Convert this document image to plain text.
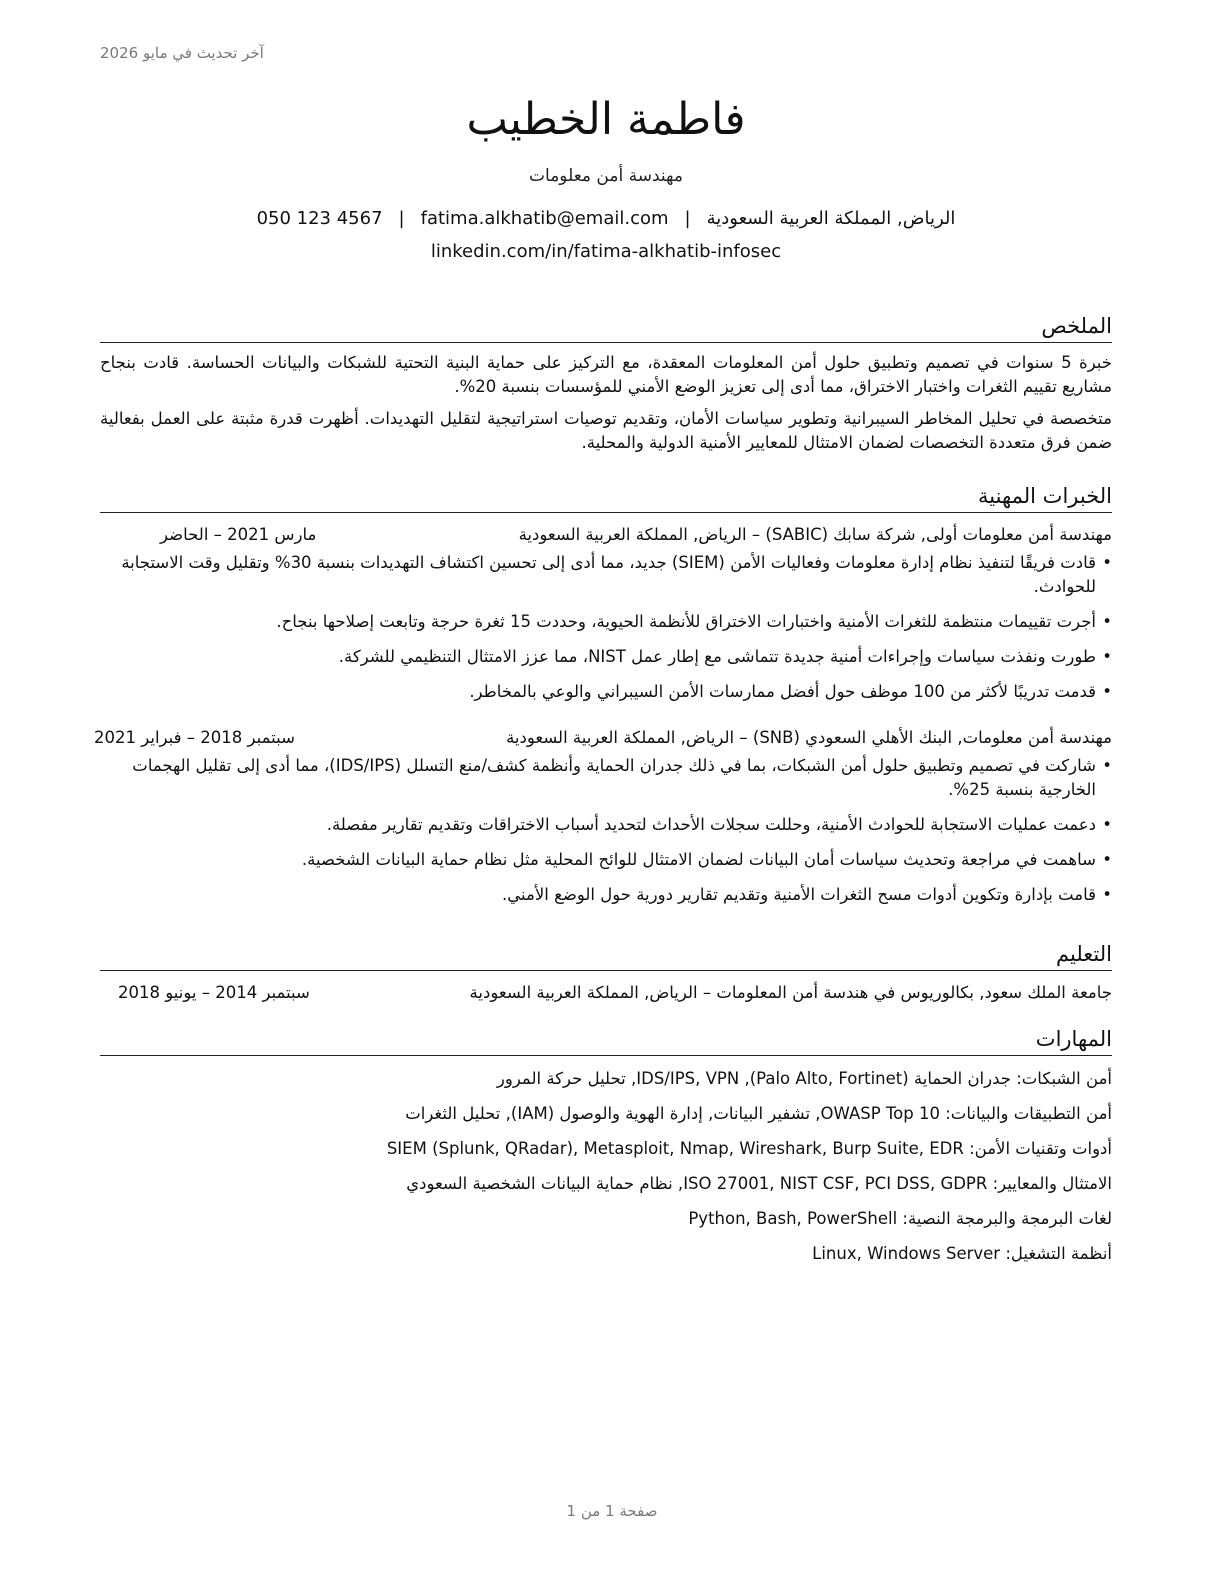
آخر تحديث في مايو 2026
فاطمة الخطيب
مهندسة أمن معلومات
الرياض, المملكة العربية السعودية|fatima.alkhatib@email.com|050 123 4567
linkedin.com/in/fatima-alkhatib-infosec
الملخص

خبرة 5 سنوات في تصميم وتطبيق حلول أمن المعلومات المعقدة، مع التركيز على حماية البنية التحتية للشبكات والبيانات الحساسة. قادت بنجاح مشاريع تقييم الثغرات واختبار الاختراق، مما أدى إلى تعزيز الوضع الأمني للمؤسسات بنسبة 20%.

متخصصة في تحليل المخاطر السيبرانية وتطوير سياسات الأمان، وتقديم توصيات استراتيجية لتقليل التهديدات. أظهرت قدرة مثبتة على العمل بفعالية ضمن فرق متعددة التخصصات لضمان الامتثال للمعايير الأمنية الدولية والمحلية.

الخبرات المهنية
مهندسة أمن معلومات أولى, شركة سابك (SABIC) – الرياض, المملكة العربية السعودية
مارس 2021 – الحاضر
• قادت فريقًا لتنفيذ نظام إدارة معلومات وفعاليات الأمن (SIEM) جديد، مما أدى إلى تحسين اكتشاف التهديدات بنسبة 30% وتقليل وقت الاستجابة للحوادث.
• أجرت تقييمات منتظمة للثغرات الأمنية واختبارات الاختراق للأنظمة الحيوية، وحددت 15 ثغرة حرجة وتابعت إصلاحها بنجاح.
• طورت ونفذت سياسات وإجراءات أمنية جديدة تتماشى مع إطار عمل NIST، مما عزز الامتثال التنظيمي للشركة.
• قدمت تدريبًا لأكثر من 100 موظف حول أفضل ممارسات الأمن السيبراني والوعي بالمخاطر.
مهندسة أمن معلومات, البنك الأهلي السعودي (SNB) – الرياض, المملكة العربية السعودية
سبتمبر 2018 – فبراير 2021
• شاركت في تصميم وتطبيق حلول أمن الشبكات، بما في ذلك جدران الحماية وأنظمة كشف/منع التسلل (IDS/IPS)، مما أدى إلى تقليل الهجمات الخارجية بنسبة 25%.
• دعمت عمليات الاستجابة للحوادث الأمنية، وحللت سجلات الأحداث لتحديد أسباب الاختراقات وتقديم تقارير مفصلة.
• ساهمت في مراجعة وتحديث سياسات أمان البيانات لضمان الامتثال للوائح المحلية مثل نظام حماية البيانات الشخصية.
• قامت بإدارة وتكوين أدوات مسح الثغرات الأمنية وتقديم تقارير دورية حول الوضع الأمني.
التعليم
جامعة الملك سعود, بكالوريوس في هندسة أمن المعلومات – الرياض, المملكة العربية السعودية
سبتمبر 2014 – يونيو 2018
المهارات
أمن الشبكات: جدران الحماية (Palo Alto, Fortinet), IDS/IPS, VPN, تحليل حركة المرور
أمن التطبيقات والبيانات: OWASP Top 10, تشفير البيانات, إدارة الهوية والوصول (IAM), تحليل الثغرات
أدوات وتقنيات الأمن: SIEM (Splunk, QRadar), Metasploit, Nmap, Wireshark, Burp Suite, EDR
الامتثال والمعايير: ISO 27001, NIST CSF, PCI DSS, GDPR, نظام حماية البيانات الشخصية السعودي
لغات البرمجة والبرمجة النصية: Python, Bash, PowerShell
أنظمة التشغيل: Linux, Windows Server
صفحة 1 من 1
